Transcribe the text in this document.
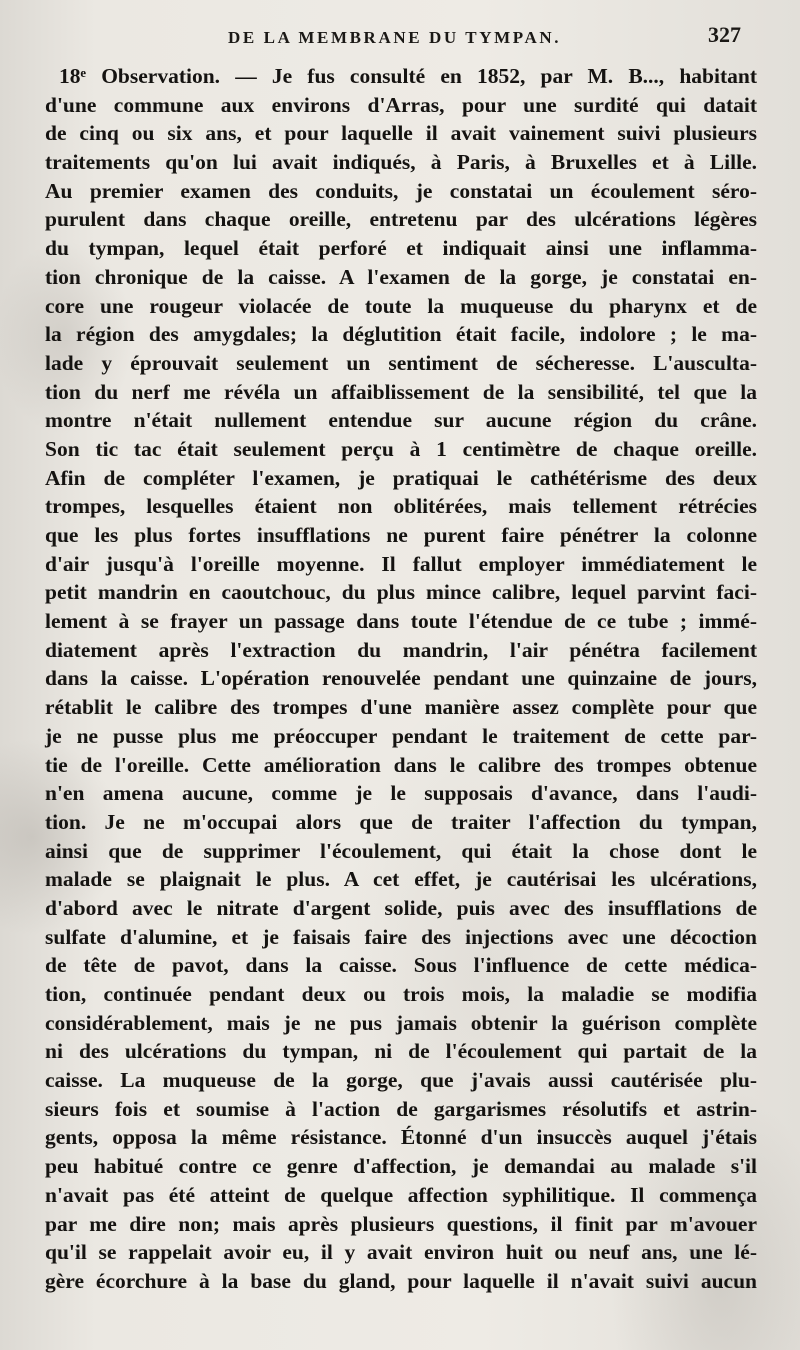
DE LA MEMBRANE DU TYMPAN.	327
18ᵉ Observation. — Je fus consulté en 1852, par M. B..., habitant
d'une commune aux environs d'Arras, pour une surdité qui datait
de cinq ou six ans, et pour laquelle il avait vainement suivi plusieurs
traitements qu'on lui avait indiqués, à Paris, à Bruxelles et à Lille.
Au premier examen des conduits, je constatai un écoulement séro-
purulent dans chaque oreille, entretenu par des ulcérations légères
du tympan, lequel était perforé et indiquait ainsi une inflamma-
tion chronique de la caisse. A l'examen de la gorge, je constatai en-
core une rougeur violacée de toute la muqueuse du pharynx et de
la région des amygdales; la déglutition était facile, indolore ; le ma-
lade y éprouvait seulement un sentiment de sécheresse. L'ausculta-
tion du nerf me révéla un affaiblissement de la sensibilité, tel que la
montre n'était nullement entendue sur aucune région du crâne.
Son tic tac était seulement perçu à 1 centimètre de chaque oreille.
Afin de compléter l'examen, je pratiquai le cathétérisme des deux
trompes, lesquelles étaient non oblitérées, mais tellement rétrécies
que les plus fortes insufflations ne purent faire pénétrer la colonne
d'air jusqu'à l'oreille moyenne. Il fallut employer immédiatement le
petit mandrin en caoutchouc, du plus mince calibre, lequel parvint faci-
lement à se frayer un passage dans toute l'étendue de ce tube ; immé-
diatement après l'extraction du mandrin, l'air pénétra facilement
dans la caisse. L'opération renouvelée pendant une quinzaine de jours,
rétablit le calibre des trompes d'une manière assez complète pour que
je ne pusse plus me préoccuper pendant le traitement de cette par-
tie de l'oreille. Cette amélioration dans le calibre des trompes obtenue
n'en amena aucune, comme je le supposais d'avance, dans l'audi-
tion. Je ne m'occupai alors que de traiter l'affection du tympan,
ainsi que de supprimer l'écoulement, qui était la chose dont le
malade se plaignait le plus. A cet effet, je cautérisai les ulcérations,
d'abord avec le nitrate d'argent solide, puis avec des insufflations de
sulfate d'alumine, et je faisais faire des injections avec une décoction
de tête de pavot, dans la caisse. Sous l'influence de cette médica-
tion, continuée pendant deux ou trois mois, la maladie se modifia
considérablement, mais je ne pus jamais obtenir la guérison complète
ni des ulcérations du tympan, ni de l'écoulement qui partait de la
caisse. La muqueuse de la gorge, que j'avais aussi cautérisée plu-
sieurs fois et soumise à l'action de gargarismes résolutifs et astrin-
gents, opposa la même résistance. Étonné d'un insuccès auquel j'étais
peu habitué contre ce genre d'affection, je demandai au malade s'il
n'avait pas été atteint de quelque affection syphilitique. Il commença
par me dire non; mais après plusieurs questions, il finit par m'avouer
qu'il se rappelait avoir eu, il y avait environ huit ou neuf ans, une lé-
gère écorchure à la base du gland, pour laquelle il n'avait suivi aucun
